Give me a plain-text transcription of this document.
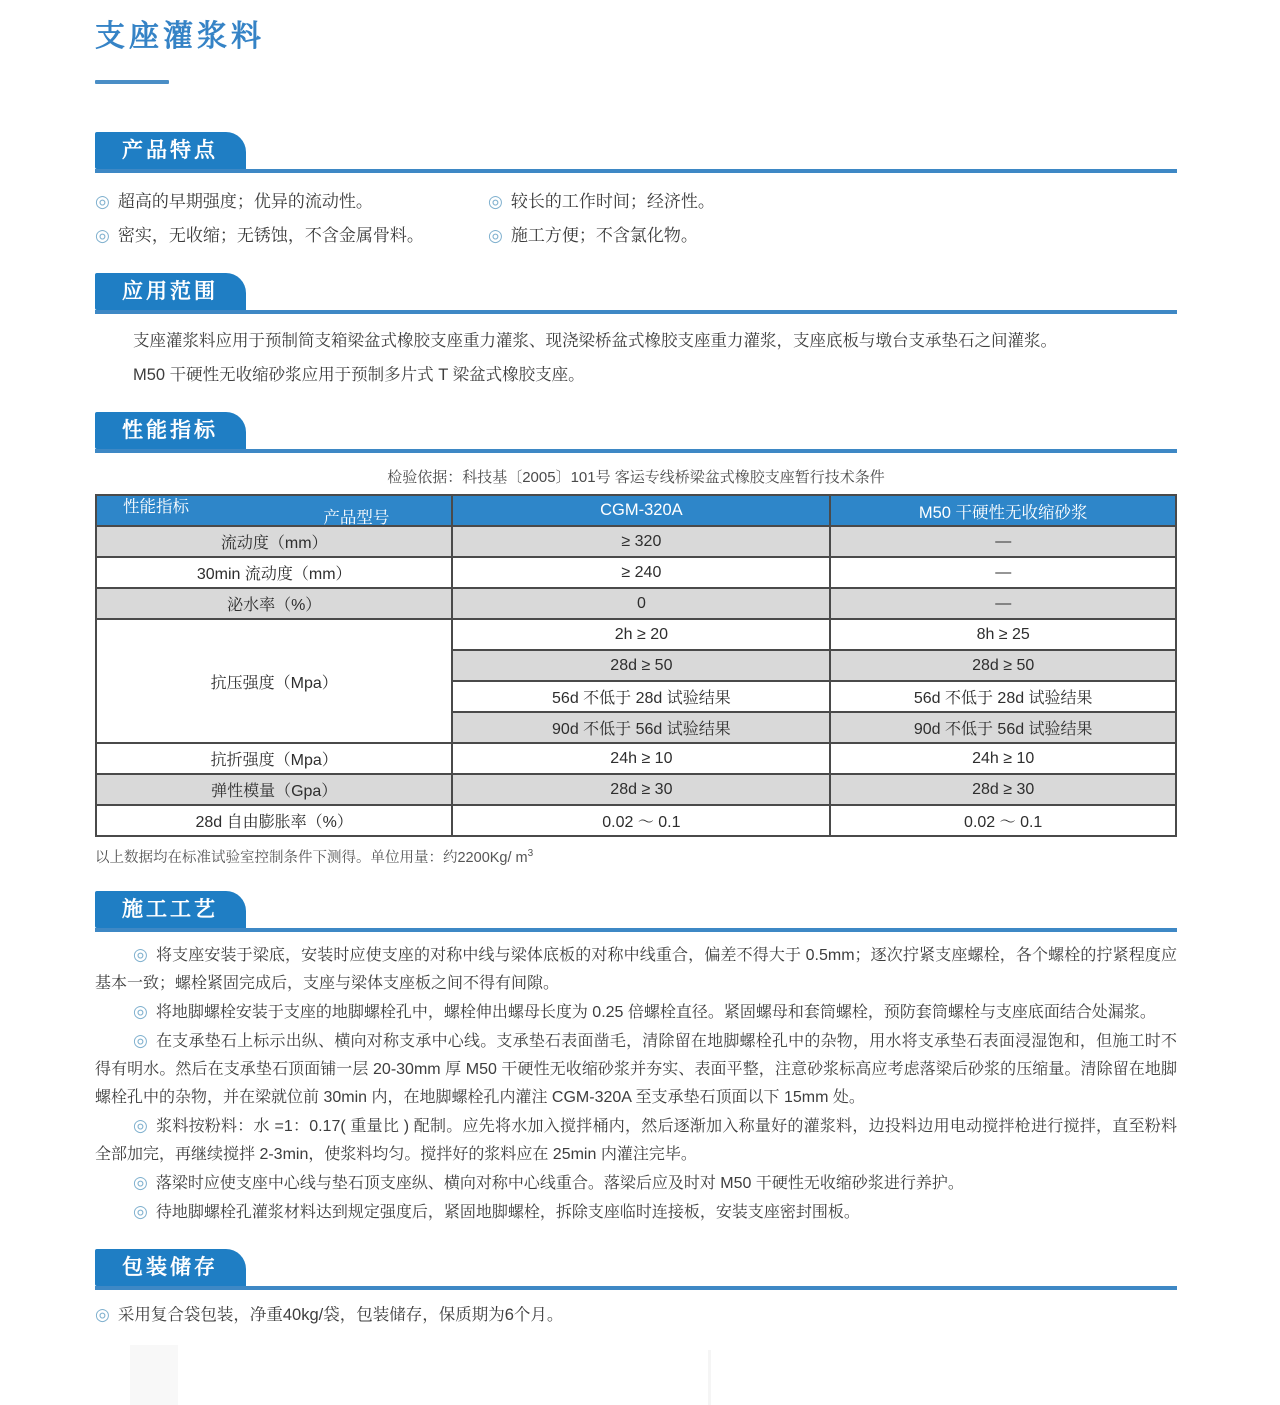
支座灌浆料
产品特点
◎ 超高的早期强度；优异的流动性。	◎ 较长的工作时间；经济性。
◎ 密实，无收缩；无锈蚀，不含金属骨料。	◎ 施工方便；不含氯化物。
应用范围

支座灌浆料应用于预制简支箱梁盆式橡胶支座重力灌浆、现浇梁桥盆式橡胶支座重力灌浆，支座底板与墩台支承垫石之间灌浆。

M50 干硬性无收缩砂浆应用于预制多片式 T 梁盆式橡胶支座。

性能指标
检验依据：科技基〔2005〕101号 客运专线桥梁盆式橡胶支座暂行技术条件
产品型号
性能指标	CGM-320A	M50 干硬性无收缩砂浆
流动度（mm）	≥ 320	—
30min 流动度（mm）	≥ 240	—
泌水率（%）	0	—
抗压强度（Mpa）	2h ≥ 20	8h ≥ 25
	28d ≥ 50	28d ≥ 50
	56d 不低于 28d 试验结果	56d 不低于 28d 试验结果
	90d 不低于 56d 试验结果	90d 不低于 56d 试验结果
抗折强度（Mpa）	24h ≥ 10	24h ≥ 10
弹性模量（Gpa）	28d ≥ 30	28d ≥ 30
28d 自由膨胀率（%）	0.02 ～ 0.1	0.02 ～ 0.1
以上数据均在标准试验室控制条件下测得。单位用量：约2200Kg/ $m^3$
施工工艺

◎ 将支座安装于梁底，安装时应使支座的对称中线与梁体底板的对称中线重合，偏差不得大于 0.5mm；逐次拧紧支座螺栓，各个螺栓的拧紧程度应基本一致；螺栓紧固完成后，支座与梁体支座板之间不得有间隙。

◎ 将地脚螺栓安装于支座的地脚螺栓孔中，螺栓伸出螺母长度为 0.25 倍螺栓直径。紧固螺母和套筒螺栓，预防套筒螺栓与支座底面结合处漏浆。

◎ 在支承垫石上标示出纵、横向对称支承中心线。支承垫石表面凿毛，清除留在地脚螺栓孔中的杂物，用水将支承垫石表面浸湿饱和，但施工时不得有明水。然后在支承垫石顶面铺一层 20-30mm 厚 M50 干硬性无收缩砂浆并夯实、表面平整，注意砂浆标高应考虑落梁后砂浆的压缩量。清除留在地脚螺栓孔中的杂物，并在梁就位前 30min 内，在地脚螺栓孔内灌注 CGM-320A 至支承垫石顶面以下 15mm 处。

◎ 浆料按粉料：水 =1：0.17( 重量比 ) 配制。应先将水加入搅拌桶内，然后逐渐加入称量好的灌浆料，边投料边用电动搅拌枪进行搅拌，直至粉料全部加完，再继续搅拌 2-3min，使浆料均匀。搅拌好的浆料应在 25min 内灌注完毕。

◎ 落梁时应使支座中心线与垫石顶支座纵、横向对称中心线重合。落梁后应及时对 M50 干硬性无收缩砂浆进行养护。

◎ 待地脚螺栓孔灌浆材料达到规定强度后，紧固地脚螺栓，拆除支座临时连接板，安装支座密封围板。

包装储存
◎ 采用复合袋包装，净重40kg/袋，包装储存，保质期为6个月。
